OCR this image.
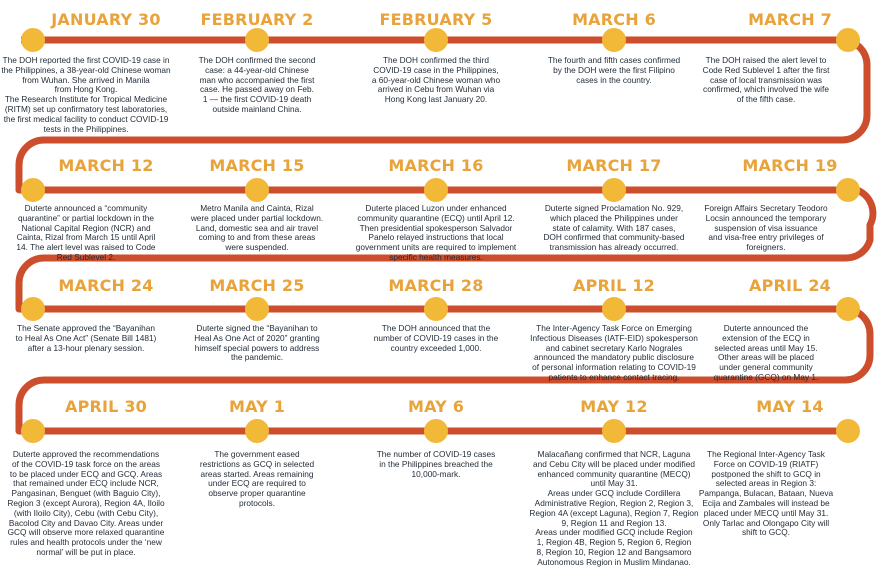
JANUARY 30
The DOH reported the first COVID-19 case in
the Philippines, a 38-year-old Chinese woman
from Wuhan. She arrived in Manila
from Hong Kong.
The Research Institute for Tropical Medicine
(RITM) set up confirmatory test laboratories,
the first medical facility to conduct COVID-19
tests in the Philippines.
FEBRUARY 2
The DOH confirmed the second
case: a 44-year-old Chinese
man who accompanied the first
case. He passed away on Feb.
1 — the first COVID-19 death
outside mainland China.
FEBRUARY 5
The DOH confirmed the third
COVID-19 case in the Philippines,
a 60-year-old Chinese woman who
arrived in Cebu from Wuhan via
Hong Kong last January 20.
MARCH 6
The fourth and fifth cases confirmed
by the DOH were the first Filipino
cases in the country.
MARCH 7
The DOH raised the alert level to
Code Red Sublevel 1 after the first
case of local transmission was
confirmed, which involved the wife
of the fifth case.
MARCH 12
Duterte announced a “community
quarantine” or partial lockdown in the
National Capital Region (NCR) and
Cainta, Rizal from March 15 until April
14. The alert level was raised to Code
Red Sublevel 2.
MARCH 15
Metro Manila and Cainta, Rizal
were placed under partial lockdown.
Land, domestic sea and air travel
coming to and from these areas
were suspended.
MARCH 16
Duterte placed Luzon under enhanced
community quarantine (ECQ) until April 12.
Then presidential spokesperson Salvador
Panelo relayed instructions that local
government units are required to implement
specific health measures.
MARCH 17
Duterte signed Proclamation No. 929,
which placed the Philippines under
state of calamity. With 187 cases,
DOH confirmed that community-based
transmission has already occurred.
MARCH 19
Foreign Affairs Secretary Teodoro
Locsin announced the temporary
suspension of visa issuance
and visa-free entry privileges of
foreigners.
MARCH 24
The Senate approved the “Bayanihan
to Heal As One Act” (Senate Bill 1481)
after a 13-hour plenary session.
MARCH 25
Duterte signed the “Bayanihan to
Heal As One Act of 2020” granting
himself special powers to address
the pandemic.
MARCH 28
The DOH announced that the
number of COVID-19 cases in the
country exceeded 1,000.
APRIL 12
The Inter-Agency Task Force on Emerging
Infectious Diseases (IATF-EID) spokesperson
and cabinet secretary Karlo Nograles
announced the mandatory public disclosure
of personal information relating to COVID-19
patients to enhance contact tracing.
APRIL 24
Duterte announced the
extension of the ECQ in
selected areas until May 15.
Other areas will be placed
under general community
quarantine (GCQ) on May 1.
APRIL 30
Duterte approved the recommendations
of the COVID-19 task force on the areas
to be placed under ECQ and GCQ. Areas
that remained under ECQ include NCR,
Pangasinan, Benguet (with Baguio City),
Region 3 (except Aurora), Region 4A, Iloilo
(with Iloilo City), Cebu (with Cebu City),
Bacolod City and Davao City. Areas under
GCQ will observe more relaxed quarantine
rules and health protocols under the ‘new
normal’ will be put in place.
MAY 1
The government eased
restrictions as GCQ in selected
areas started. Areas remaining
under ECQ are required to
observe proper quarantine
protocols.
MAY 6
The number of COVID-19 cases
in the Philippines breached the
10,000-mark.
MAY 12
Malacañang confirmed that NCR, Laguna
and Cebu City will be placed under modified
enhanced community quarantine (MECQ)
until May 31.
Areas under GCQ include Cordillera
Administrative Region, Region 2, Region 3,
Region 4A (except Laguna), Region 7, Region
9, Region 11 and Region 13.
Areas under modified GCQ include Region
1, Region 4B, Region 5, Region 6, Region
8, Region 10, Region 12 and Bangsamoro
Autonomous Region in Muslim Mindanao.
MAY 14
The Regional Inter-Agency Task
Force on COVID-19 (RIATF)
postponed the shift to GCQ in
selected areas in Region 3:
Pampanga, Bulacan, Bataan, Nueva
Ecija and Zambales will instead be
placed under MECQ until May 31.
Only Tarlac and Olongapo City will
shift to GCQ.
